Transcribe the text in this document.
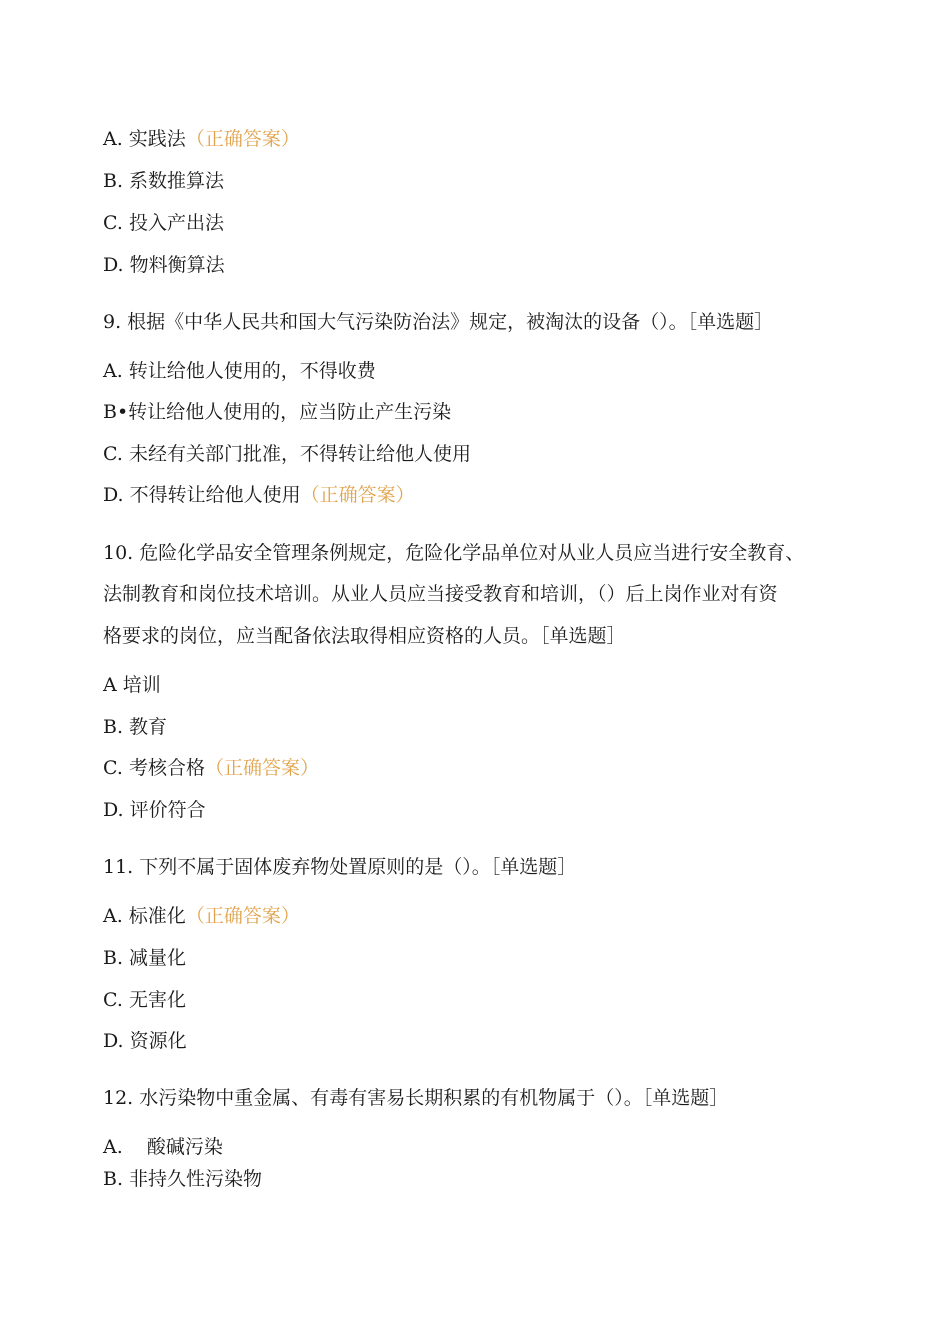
A. 实践法（正确答案）
B. 系数推算法
C. 投入产出法
D. 物料衡算法
9. 根据《中华人民共和国大气污染防治法》规定，被淘汰的设备（）。［单选题］
A. 转让给他人使用的，不得收费
B•转让给他人使用的，应当防止产生污染
C. 未经有关部门批准，不得转让给他人使用
D. 不得转让给他人使用（正确答案）
10. 危险化学品安全管理条例规定，危险化学品单位对从业人员应当进行安全教育、
法制教育和岗位技术培训。从业人员应当接受教育和培训，（）后上岗作业对有资
格要求的岗位，应当配备依法取得相应资格的人员。［单选题］
A 培训
B. 教育
C. 考核合格（正确答案）
D. 评价符合
11. 下列不属于固体废弃物处置原则的是（）。［单选题］
A. 标准化（正确答案）
B. 减量化
C. 无害化
D. 资源化
12. 水污染物中重金属、有毒有害易长期积累的有机物属于（）。［单选题］
A.    酸碱污染
B. 非持久性污染物
